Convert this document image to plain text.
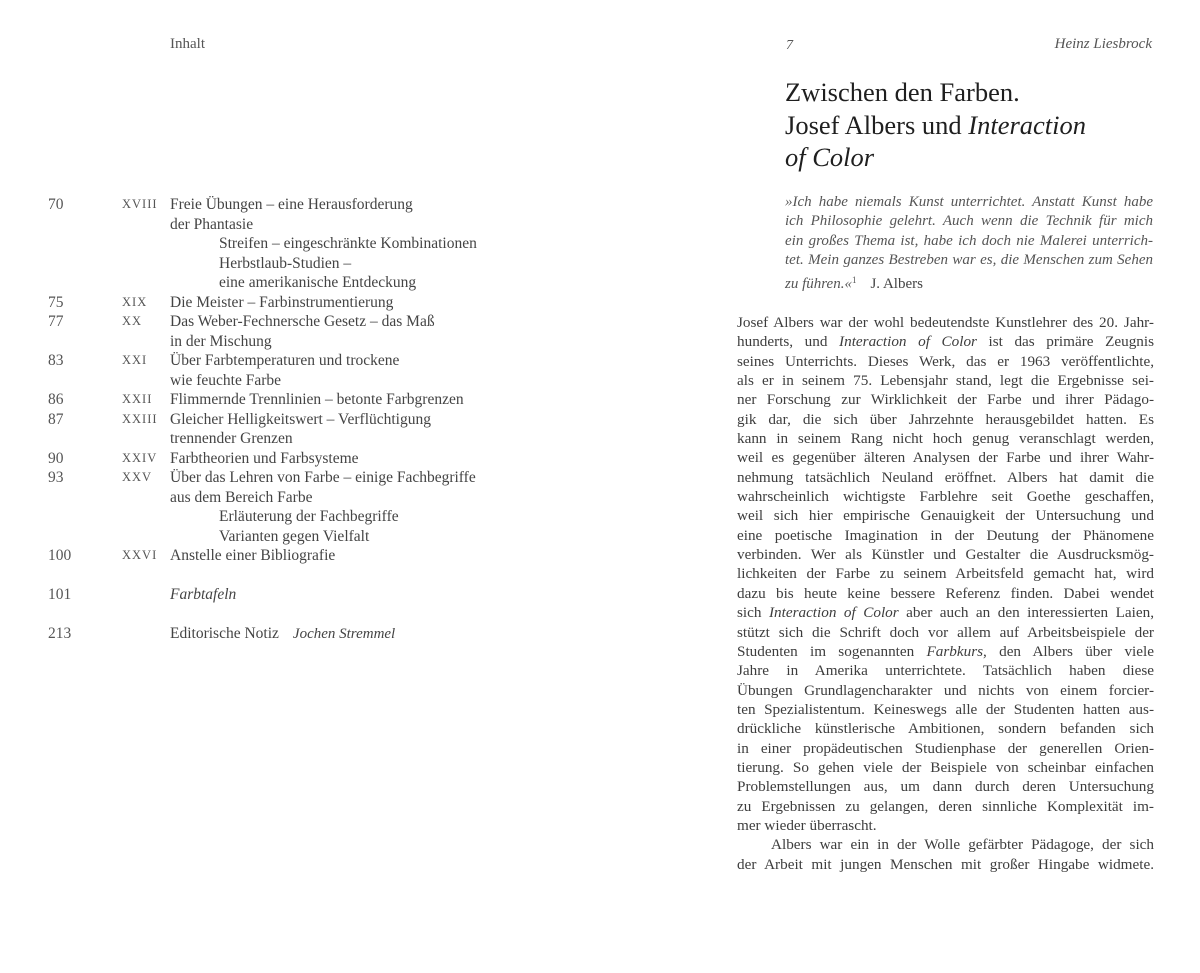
Inhalt
70	XVIII Freie Übungen – eine Herausforderung
der Phantasie
Streifen – eingeschränkte Kombinationen
Herbstlaub-Studien –
eine amerikanische Entdeckung
75	XIX Die Meister – Farbinstrumentierung
77	XX Das Weber-Fechnersche Gesetz – das Maß
in der Mischung
83	XXI Über Farbtemperaturen und trockene
wie feuchte Farbe
86	XXII Flimmernde Trennlinien – betonte Farbgrenzen
87	XXIII Gleicher Helligkeitswert – Verflüchtigung
trennender Grenzen
90	XXIV Farbtheorien und Farbsysteme
93	XXV Über das Lehren von Farbe – einige Fachbegriffe
aus dem Bereich Farbe
Erläuterung der Fachbegriffe
Varianten gegen Vielfalt
100	XXVI Anstelle einer Bibliografie
101	Farbtafeln
213	Editorische Notiz Jochen Stremmel
7	Heinz Liesbrock
Zwischen den Farben.
Josef Albers und Interaction
of Color
»Ich habe niemals Kunst unterrichtet. Anstatt Kunst habe
ich Philosophie gelehrt. Auch wenn die Technik für mich
ein großes Thema ist, habe ich doch nie Malerei unterrich-
tet. Mein ganzes Bestreben war es, die Menschen zum Sehen
zu führen.«$^1$ J. Albers
Josef Albers war der wohl bedeutendste Kunstlehrer des 20. Jahr-
hunderts, und Interaction of Color ist das primäre Zeugnis
seines Unterrichts. Dieses Werk, das er 1963 veröffentlichte,
als er in seinem 75. Lebensjahr stand, legt die Ergebnisse sei-
ner Forschung zur Wirklichkeit der Farbe und ihrer Pädago-
gik dar, die sich über Jahrzehnte herausgebildet hatten. Es
kann in seinem Rang nicht hoch genug veranschlagt werden,
weil es gegenüber älteren Analysen der Farbe und ihrer Wahr-
nehmung tatsächlich Neuland eröffnet. Albers hat damit die
wahrscheinlich wichtigste Farblehre seit Goethe geschaffen,
weil sich hier empirische Genauigkeit der Untersuchung und
eine poetische Imagination in der Deutung der Phänomene
verbinden. Wer als Künstler und Gestalter die Ausdrucksmög-
lichkeiten der Farbe zu seinem Arbeitsfeld gemacht hat, wird
dazu bis heute keine bessere Referenz finden. Dabei wendet
sich Interaction of Color aber auch an den interessierten Laien,
stützt sich die Schrift doch vor allem auf Arbeitsbeispiele der
Studenten im sogenannten Farbkurs, den Albers über viele
Jahre in Amerika unterrichtete. Tatsächlich haben diese
Übungen Grundlagencharakter und nichts von einem forcier-
ten Spezialistentum. Keineswegs alle der Studenten hatten aus-
drückliche künstlerische Ambitionen, sondern befanden sich
in einer propädeutischen Studienphase der generellen Orien-
tierung. So gehen viele der Beispiele von scheinbar einfachen
Problemstellungen aus, um dann durch deren Untersuchung
zu Ergebnissen zu gelangen, deren sinnliche Komplexität im-
mer wieder überrascht.
Albers war ein in der Wolle gefärbter Pädagoge, der sich
der Arbeit mit jungen Menschen mit großer Hingabe widmete.
